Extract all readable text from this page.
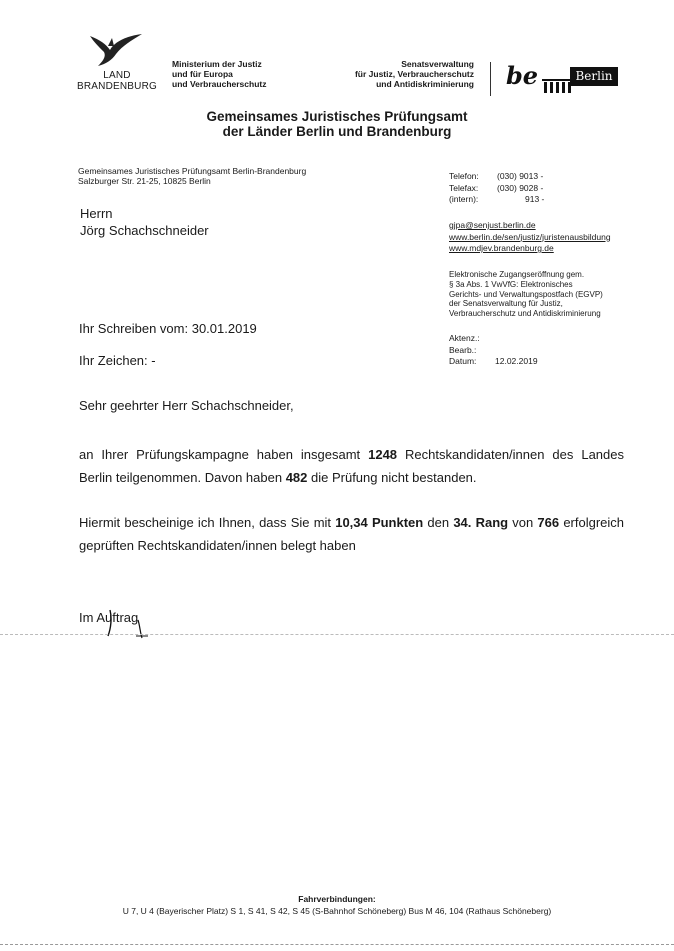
LAND
BRANDENBURG
Ministerium der Justiz
und für Europa
und Verbraucherschutz
Senatsverwaltung
für Justiz, Verbraucherschutz
und Antidiskriminierung be	Berlin
Gemeinsames Juristisches Prüfungsamt
der Länder Berlin und Brandenburg
Gemeinsames Juristisches Prüfungsamt Berlin-Brandenburg
Salzburger Str. 21-25, 10825 Berlin	Telefon:	(030) 9013 -
Telefax:	(030) 9028 -
(intern):	913 -
gjpa@senjust.berlin.de
www.berlin.de/sen/justiz/juristenausbildung
www.mdjev.brandenburg.de
Elektronische Zugangseröffnung gem.
§ 3a Abs. 1 VwVfG: Elektronisches
Gerichts- und Verwaltungspostfach (EGVP)
der Senatsverwaltung für Justiz,
Verbraucherschutz und Antidiskriminierung
Aktenz.:
Bearb.:
Datum:	12.02.2019
Herrn
Jörg Schachschneider
Ihr Schreiben vom: 30.01.2019
Ihr Zeichen: -
Sehr geehrter Herr Schachschneider,
an Ihrer Prüfungskampagne haben insgesamt 1248 Rechtskandidaten/innen des Landes Berlin teilgenommen. Davon haben 482 die Prüfung nicht bestanden.
Hiermit bescheinige ich Ihnen, dass Sie mit 10,34 Punkten den 34. Rang von 766 erfolgreich geprüften Rechtskandidaten/innen belegt haben
Im Auftrag
Fahrverbindungen:
U 7, U 4 (Bayerischer Platz) S 1, S 41, S 42, S 45 (S-Bahnhof Schöneberg) Bus M 46, 104 (Rathaus Schöneberg)
